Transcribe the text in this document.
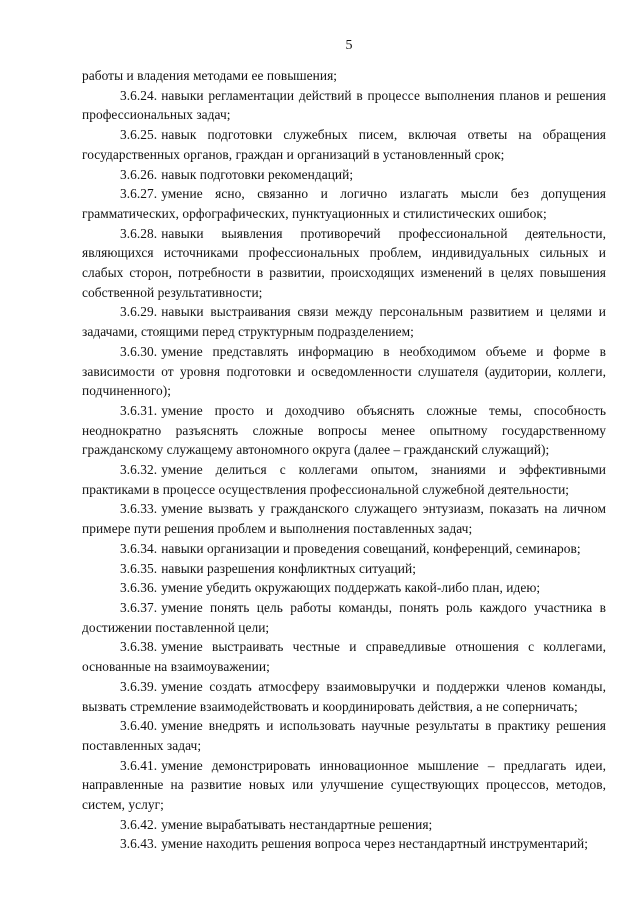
5

работы и владения методами ее повышения;

3.6.24. навыки регламентации действий в процессе выполнения планов и решения профессиональных задач;

3.6.25. навык подготовки служебных писем, включая ответы на обращения государственных органов, граждан и организаций в установленный срок;

3.6.26. навык подготовки рекомендаций;

3.6.27. умение ясно, связанно и логично излагать мысли без допущения грамматических, орфографических, пунктуационных и стилистических ошибок;

3.6.28. навыки выявления противоречий профессиональной деятельности, являющихся источниками профессиональных проблем, индивидуальных сильных и слабых сторон, потребности в развитии, происходящих изменений в целях повышения собственной результативности;

3.6.29. навыки выстраивания связи между персональным развитием и целями и задачами, стоящими перед структурным подразделением;

3.6.30. умение представлять информацию в необходимом объеме и форме в зависимости от уровня подготовки и осведомленности слушателя (аудитории, коллеги, подчиненного);

3.6.31. умение просто и доходчиво объяснять сложные темы, способность неоднократно разъяснять сложные вопросы менее опытному государственному гражданскому служащему автономного округа (далее – гражданский служащий);

3.6.32. умение делиться с коллегами опытом, знаниями и эффективными практиками в процессе осуществления профессиональной служебной деятельности;

3.6.33. умение вызвать у гражданского служащего энтузиазм, показать на личном примере пути решения проблем и выполнения поставленных задач;

3.6.34. навыки организации и проведения совещаний, конференций, семинаров;

3.6.35. навыки разрешения конфликтных ситуаций;

3.6.36. умение убедить окружающих поддержать какой-либо план, идею;

3.6.37. умение понять цель работы команды, понять роль каждого участника в достижении поставленной цели;

3.6.38. умение выстраивать честные и справедливые отношения с коллегами, основанные на взаимоуважении;

3.6.39. умение создать атмосферу взаимовыручки и поддержки членов команды, вызвать стремление взаимодействовать и координировать действия, а не соперничать;

3.6.40. умение внедрять и использовать научные результаты в практику решения поставленных задач;

3.6.41. умение демонстрировать инновационное мышление – предлагать идеи, направленные на развитие новых или улучшение существующих процессов, методов, систем, услуг;

3.6.42. умение вырабатывать нестандартные решения;

3.6.43. умение находить решения вопроса через нестандартный инструментарий;
